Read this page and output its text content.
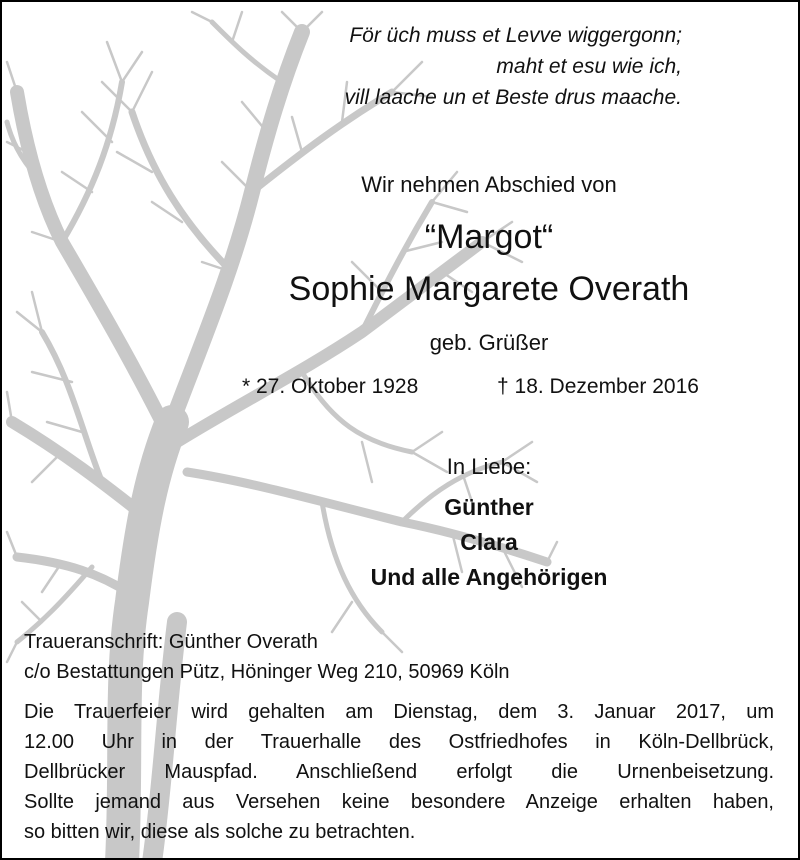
För üch muss et Levve wiggergonn;
maht et esu wie ich,
vill laache un et Beste drus maache.
Wir nehmen Abschied von
“Margot“
Sophie Margarete Overath
geb. Grüßer
* 27. Oktober 1928	† 18. Dezember 2016
In Liebe:
Günther
Clara
Und alle Angehörigen
Traueranschrift: Günther Overath
c/o Bestattungen Pütz, Höninger Weg 210, 50969 Köln
Die Trauerfeier wird gehalten am Dienstag, dem 3. Januar 2017, um
12.00 Uhr in der Trauerhalle des Ostfriedhofes in Köln-Dellbrück,
Dellbrücker Mauspfad. Anschließend erfolgt die Urnenbeisetzung.
Sollte jemand aus Versehen keine besondere Anzeige erhalten haben,
so bitten wir, diese als solche zu betrachten.
